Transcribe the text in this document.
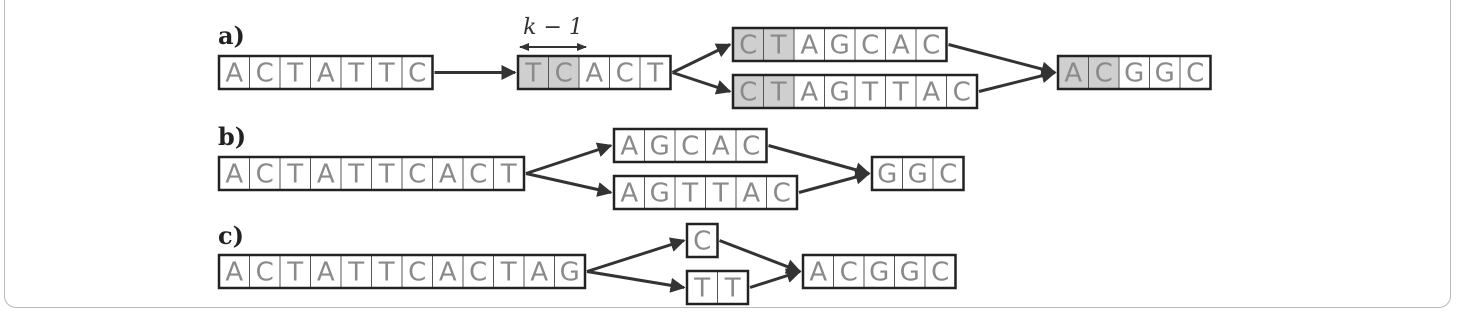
a)
b)
c)
k − 1
A C T A T T C	T C A C T
C T A G C A C
C T A G T T A C
A C G G C
A C T A T T C A C T
A G C A C
A G T T A C
G G C
A C T A T T C A C T A G
C
T T
A C G G C
